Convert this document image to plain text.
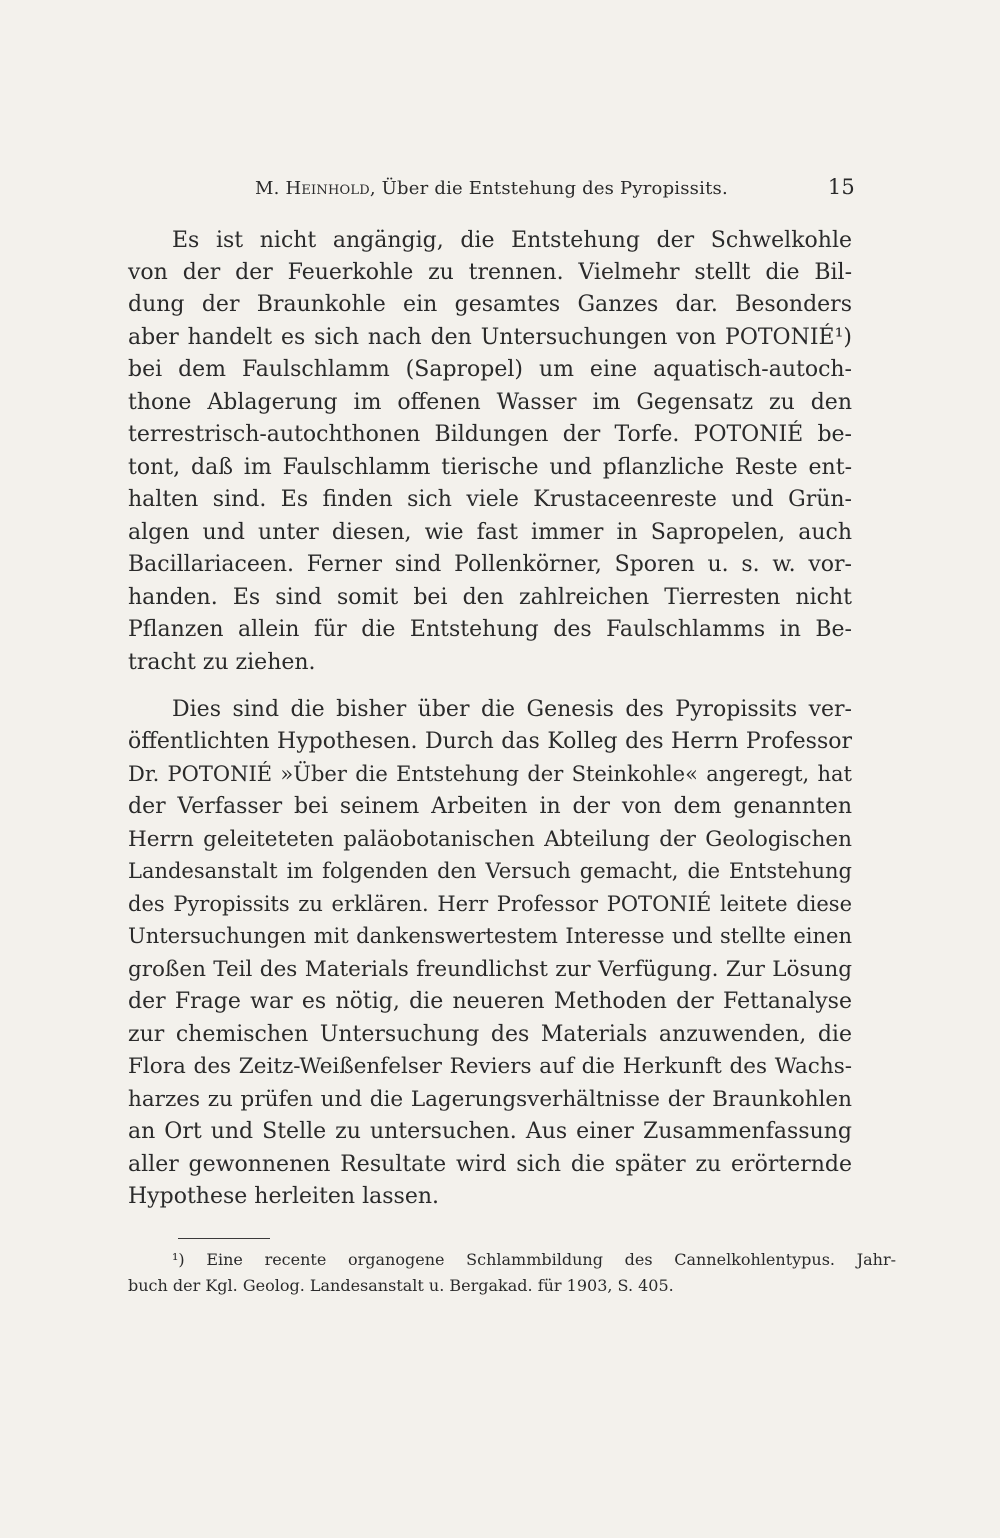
M. Heinhold, Über die Entstehung des Pyropissits.	15
Es ist nicht angängig, die Entstehung der Schwelkohle
von der der Feuerkohle zu trennen. Vielmehr stellt die Bil-
dung der Braunkohle ein gesamtes Ganzes dar. Besonders
aber handelt es sich nach den Untersuchungen von POTONIÉ¹)
bei dem Faulschlamm (Sapropel) um eine aquatisch-autoch-
thone Ablagerung im offenen Wasser im Gegensatz zu den
terrestrisch-autochthonen Bildungen der Torfe. POTONIÉ be-
tont, daß im Faulschlamm tierische und pflanzliche Reste ent-
halten sind. Es finden sich viele Krustaceenreste und Grün-
algen und unter diesen, wie fast immer in Sapropelen, auch
Bacillariaceen. Ferner sind Pollenkörner, Sporen u. s. w. vor-
handen. Es sind somit bei den zahlreichen Tierresten nicht
Pflanzen allein für die Entstehung des Faulschlamms in Be-
tracht zu ziehen.
Dies sind die bisher über die Genesis des Pyropissits ver-
öffentlichten Hypothesen. Durch das Kolleg des Herrn Professor
Dr. POTONIÉ »Über die Entstehung der Steinkohle« angeregt, hat
der Verfasser bei seinem Arbeiten in der von dem genannten
Herrn geleiteteten paläobotanischen Abteilung der Geologischen
Landesanstalt im folgenden den Versuch gemacht, die Entstehung
des Pyropissits zu erklären. Herr Professor POTONIÉ leitete diese
Untersuchungen mit dankenswertestem Interesse und stellte einen
großen Teil des Materials freundlichst zur Verfügung. Zur Lösung
der Frage war es nötig, die neueren Methoden der Fettanalyse
zur chemischen Untersuchung des Materials anzuwenden, die
Flora des Zeitz-Weißenfelser Reviers auf die Herkunft des Wachs-
harzes zu prüfen und die Lagerungsverhältnisse der Braunkohlen
an Ort und Stelle zu untersuchen. Aus einer Zusammenfassung
aller gewonnenen Resultate wird sich die später zu erörternde
Hypothese herleiten lassen.
¹) Eine recente organogene Schlammbildung des Cannelkohlentypus. Jahr-
buch der Kgl. Geolog. Landesanstalt u. Bergakad. für 1903, S. 405.
